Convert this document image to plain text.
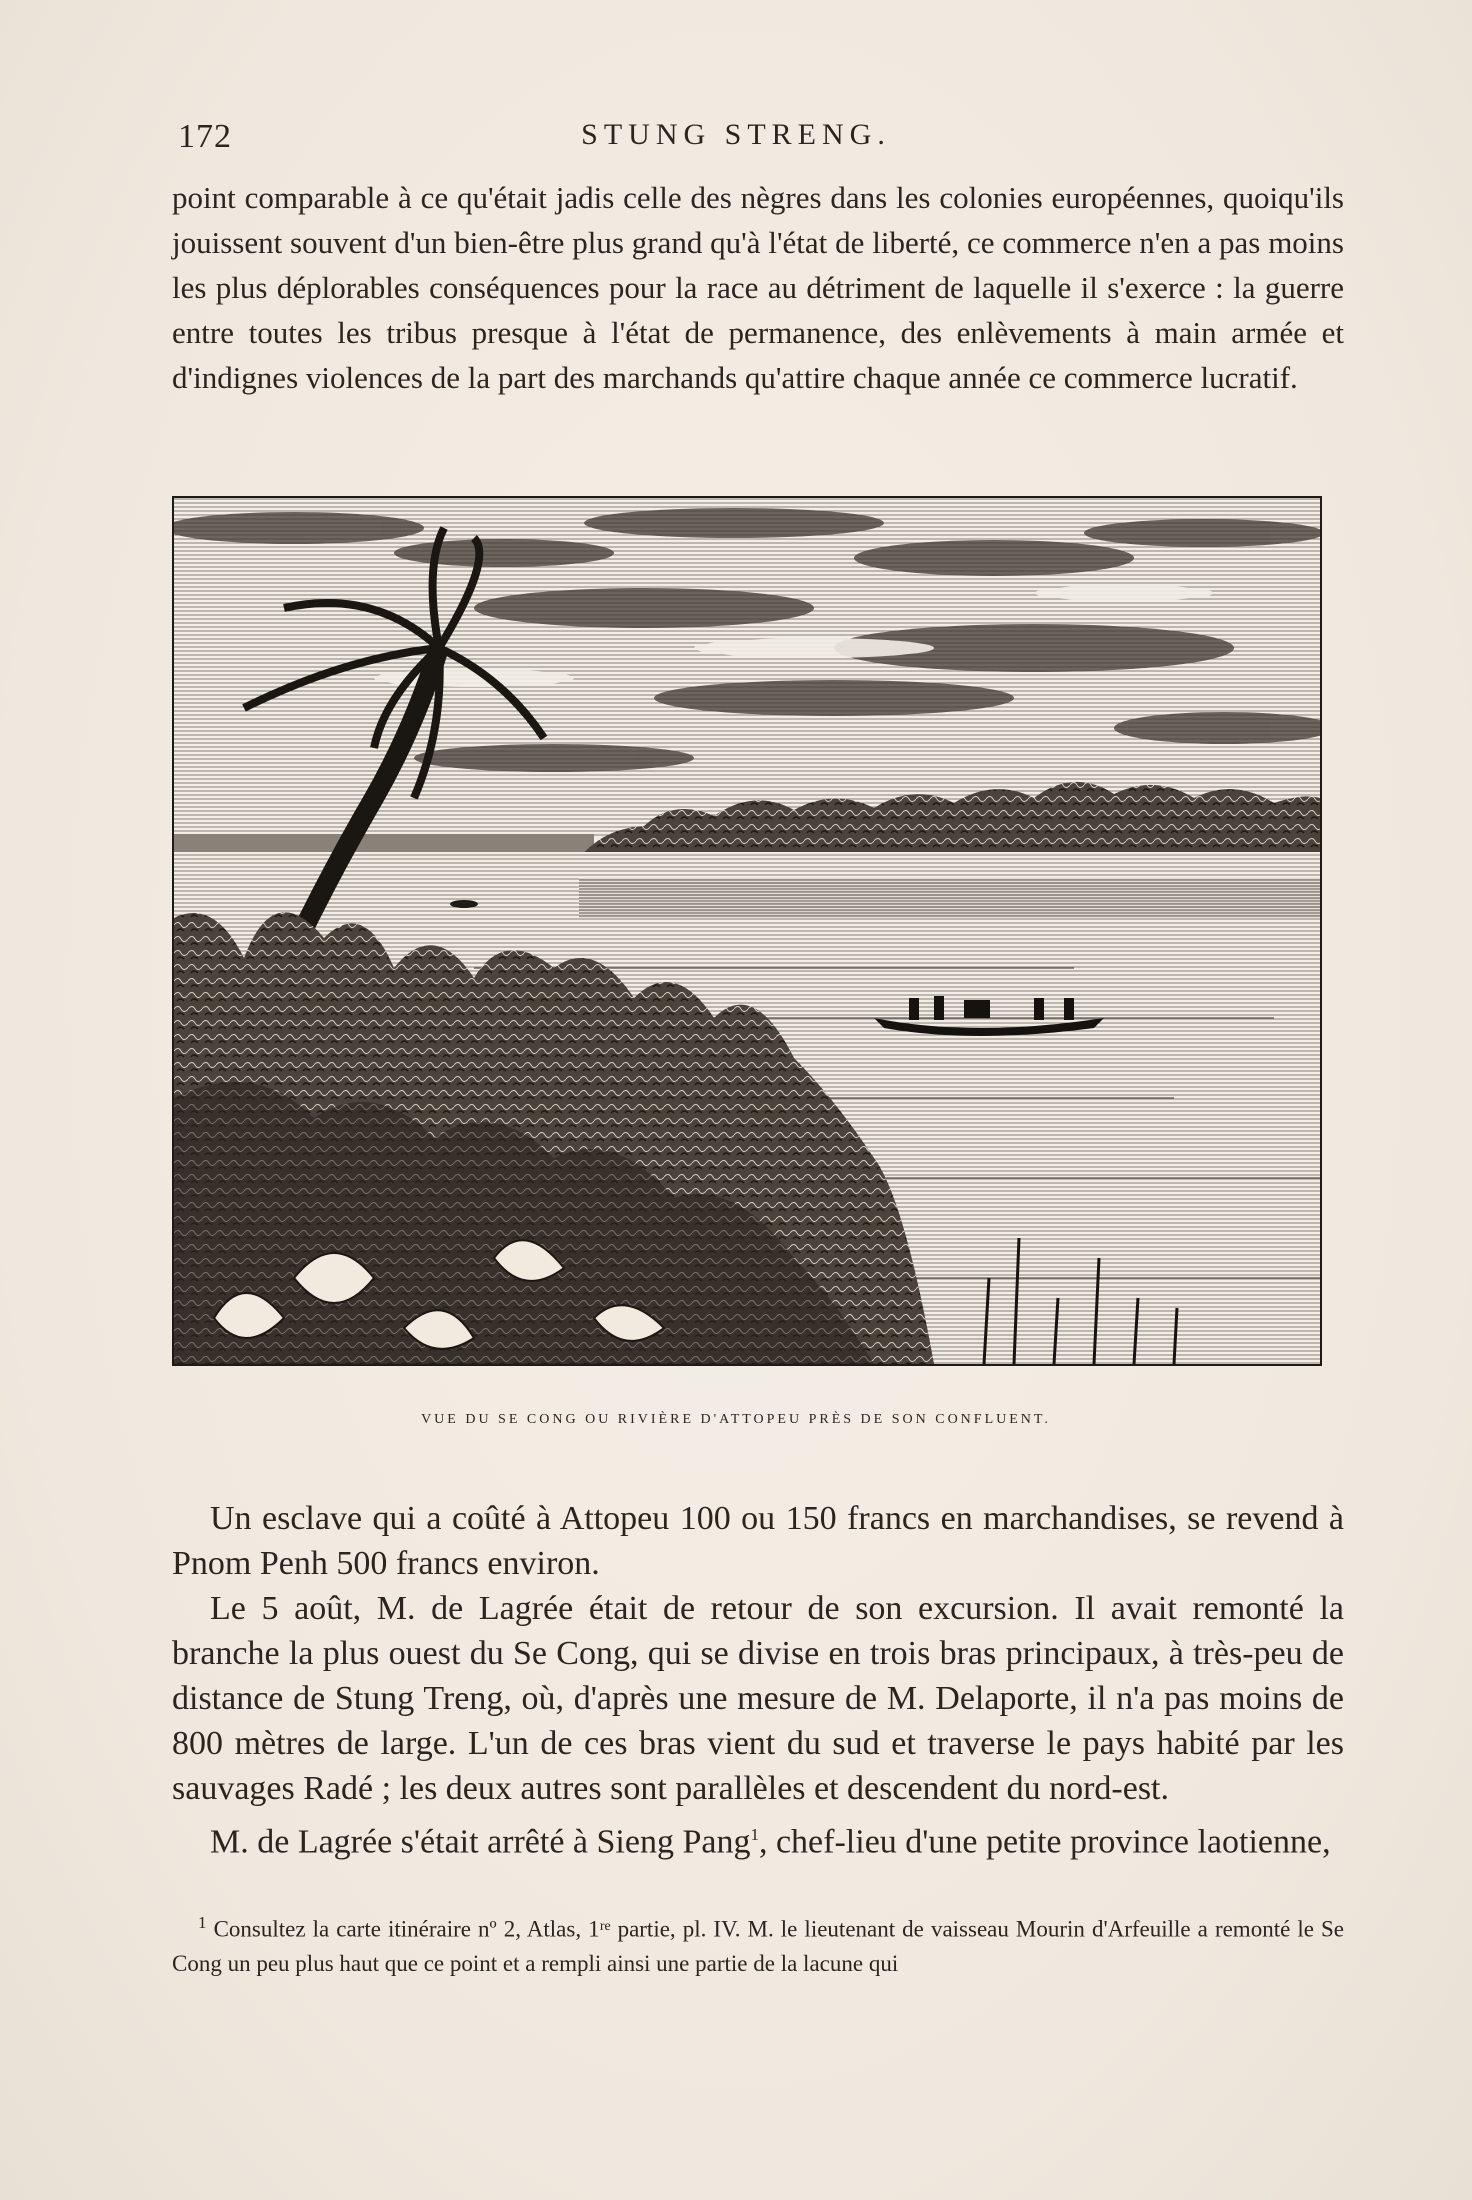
172	STUNG STRENG.

point comparable à ce qu'était jadis celle des nègres dans les colonies européennes, quoiqu'ils jouissent souvent d'un bien-être plus grand qu'à l'état de liberté, ce commerce n'en a pas moins les plus déplorables conséquences pour la race au détriment de laquelle il s'exerce : la guerre entre toutes les tribus presque à l'état de permanence, des enlèvements à main armée et d'indignes violences de la part des marchands qu'attire chaque année ce commerce lucratif.

VUE DU SE CONG OU RIVIÈRE D'ATTOPEU PRÈS DE SON CONFLUENT.

Un esclave qui a coûté à Attopeu 100 ou 150 francs en marchandises, se revend à Pnom Penh 500 francs environ.

Le 5 août, M. de Lagrée était de retour de son excursion. Il avait remonté la branche la plus ouest du Se Cong, qui se divise en trois bras principaux, à très-peu de distance de Stung Treng, où, d'après une mesure de M. Delaporte, il n'a pas moins de 800 mètres de large. L'un de ces bras vient du sud et traverse le pays habité par les sauvages Radé ; les deux autres sont parallèles et descendent du nord-est.

M. de Lagrée s'était arrêté à Sieng Pang$^1$, chef-lieu d'une petite province laotienne,

$^1$ Consultez la carte itinéraire nº 2, Atlas, 1ʳᵉ partie, pl. IV. M. le lieutenant de vaisseau Mourin d'Arfeuille a remonté le Se Cong un peu plus haut que ce point et a rempli ainsi une partie de la lacune qui
